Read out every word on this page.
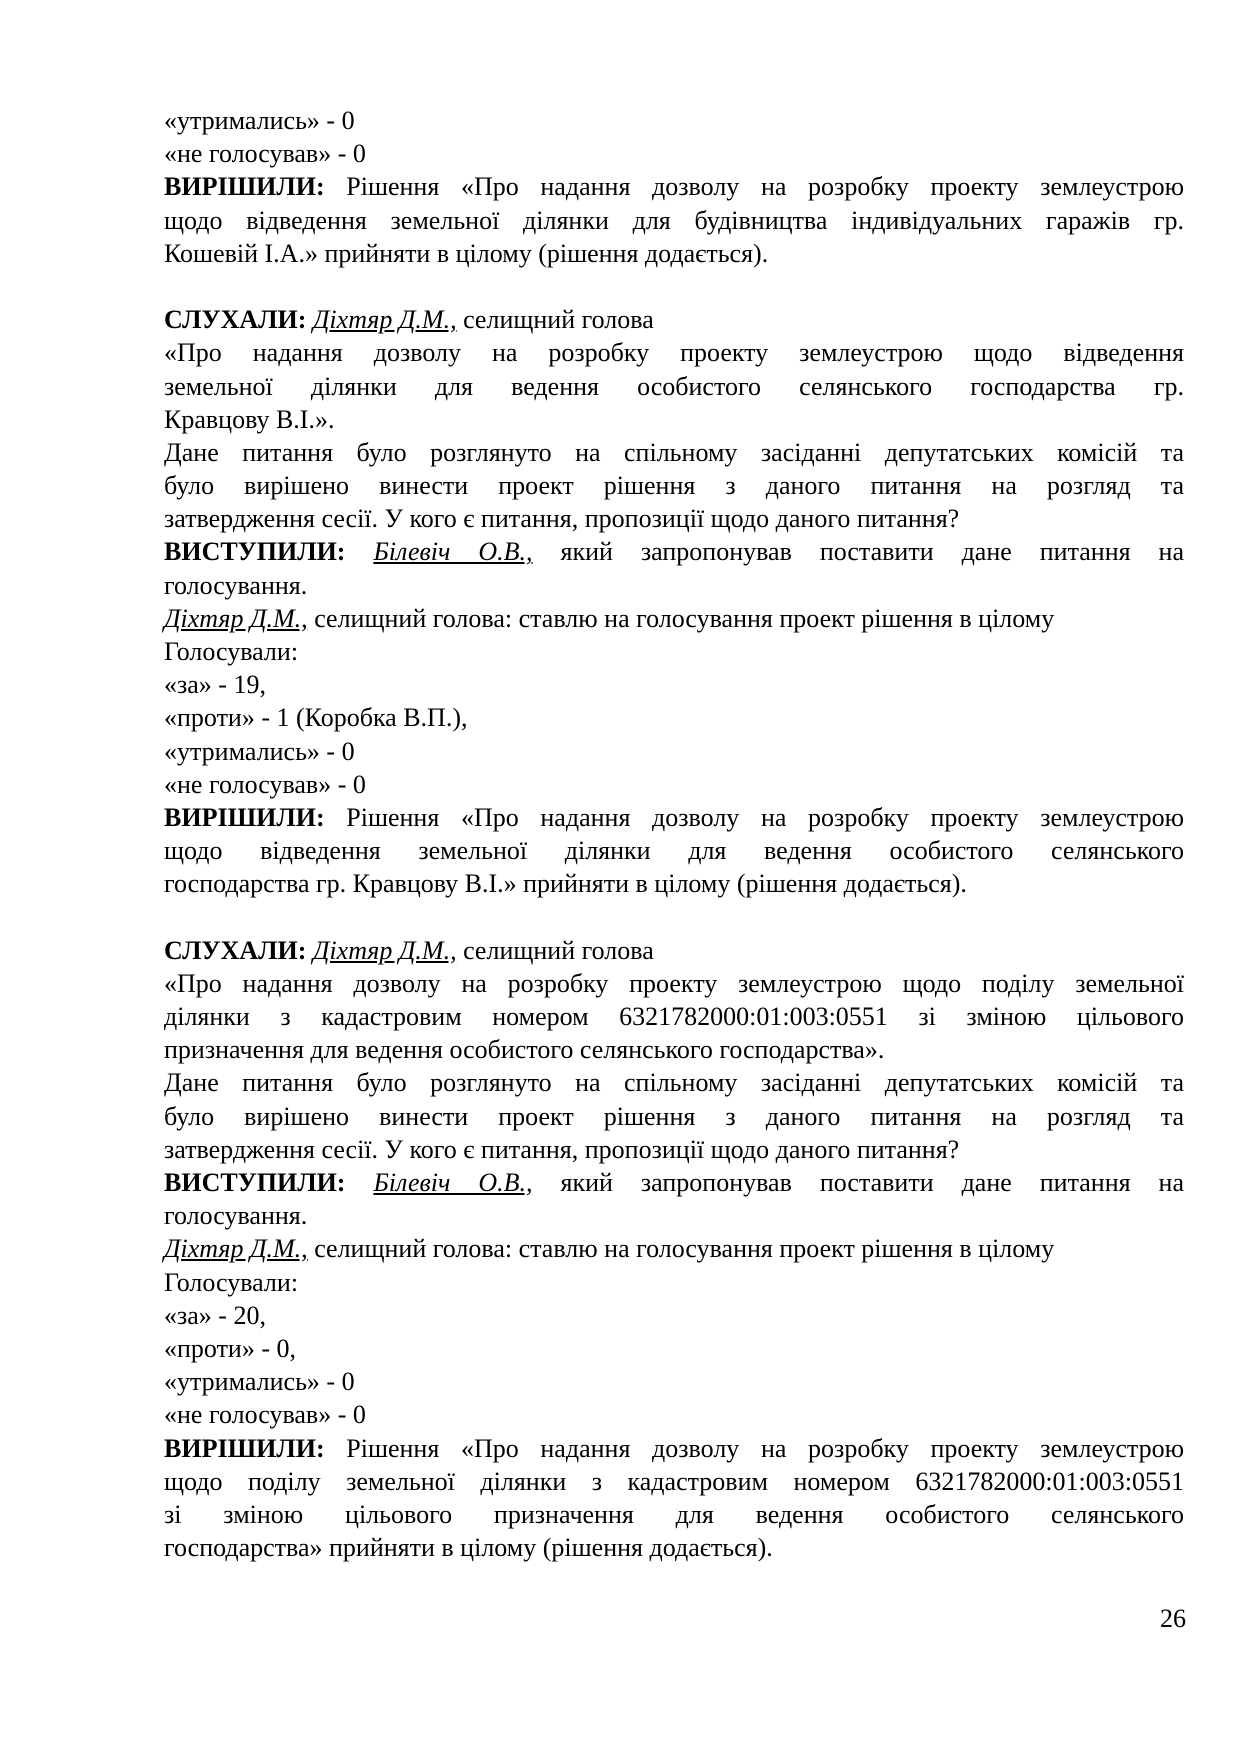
«утримались» - 0
«не голосував» - 0
ВИРІШИЛИ: Рішення «Про надання дозволу на розробку проекту землеустрою
щодо відведення земельної ділянки для будівництва індивідуальних гаражів гр.
Кошевій І.А.» прийняти в цілому (рішення додається).
СЛУХАЛИ: Діхтяр Д.М., селищний голова
«Про надання дозволу на розробку проекту землеустрою щодо відведення
земельної ділянки для ведення особистого селянського господарства гр.
Кравцову В.І.».
Дане питання було розглянуто на спільному засіданні депутатських комісій та
було вирішено винести проект рішення з даного питання на розгляд та
затвердження сесії. У кого є питання, пропозиції щодо даного питання?
ВИСТУПИЛИ: Білевіч О.В., який запропонував поставити дане питання на
голосування.
Діхтяр Д.М., селищний голова: ставлю на голосування проект рішення в цілому
Голосували:
«за» - 19,
«проти» - 1 (Коробка В.П.),
«утримались» - 0
«не голосував» - 0
ВИРІШИЛИ: Рішення «Про надання дозволу на розробку проекту землеустрою
щодо відведення земельної ділянки для ведення особистого селянського
господарства гр. Кравцову В.І.» прийняти в цілому (рішення додається).
СЛУХАЛИ: Діхтяр Д.М., селищний голова
«Про надання дозволу на розробку проекту землеустрою щодо поділу земельної
ділянки з кадастровим номером 6321782000:01:003:0551 зі зміною цільового
призначення для ведення особистого селянського господарства».
Дане питання було розглянуто на спільному засіданні депутатських комісій та
було вирішено винести проект рішення з даного питання на розгляд та
затвердження сесії. У кого є питання, пропозиції щодо даного питання?
ВИСТУПИЛИ: Білевіч О.В., який запропонував поставити дане питання на
голосування.
Діхтяр Д.М., селищний голова: ставлю на голосування проект рішення в цілому
Голосували:
«за» - 20,
«проти» - 0,
«утримались» - 0
«не голосував» - 0
ВИРІШИЛИ: Рішення «Про надання дозволу на розробку проекту землеустрою
щодо поділу земельної ділянки з кадастровим номером 6321782000:01:003:0551
зі зміною цільового призначення для ведення особистого селянського
господарства» прийняти в цілому (рішення додається).
26
